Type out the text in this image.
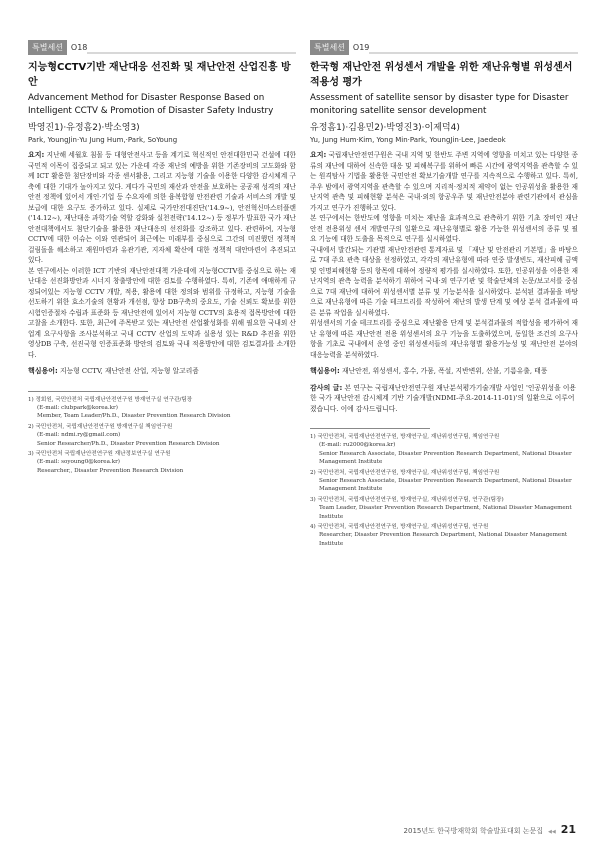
특별세션	O18
지능형CCTV기반 재난대응 선진화 및 재난안전 산업진흥 방안
Advancement Method for Disaster Response Based on Intelligent CCTV & Promotion of Disaster Safety Industry
박영진1)·유정흠2)·박소영3)
Park, YoungJin·Yu Jung Hum,·Park, SoYoung

요지: 지난해 세월호 침몰 등 대형안전사고 등을 계기로 혁신적인 안전대한민국 건설에 대한 국민적 이목이 집중되고 되고 있는 가운데 각종 재난의 예방을 위한 기존장비의 고도화와 함께 ICT 활용한 첨단장비와 각종 센서활용, 그리고 지능형 기술을 이용한 다양한 감시체계 구축에 대한 기대가 높아지고 있다. 게다가 국민의 재산과 안전을 보호하는 공공재 성격의 재난안전 정책에 있어서 개인·기업 등 수요자에 의한 융복합형 안전관련 기술과 서비스의 개발 및 보급에 대한 요구도 증가하고 있다. 실제로 국가안전대진단('14.9~), 안전혁신마스터플랜('14.12~), 재난대응 과학기술 역할 강화와 실천전략('14.12~) 등 정부가 발표한 국가 재난안전대책에서도 첨단기술을 활용한 재난대응의 선진화를 강조하고 있다. 관련하여, 지능형 CCTV에 대한 이슈는 이와 연관되어 최근에는 미래부를 중심으로 그간의 미진했던 정책적 걸림돌을 해소하고 재원마련과 유관기관, 지자체 확산에 대한 정책적 대안마련이 추진되고 있다.

본 연구에서는 이러한 ICT 기반의 재난안전대책 가운데에 지능형CCTV를 중심으로 하는 재난대응 선진화방안과 시너지 창출방안에 대한 검토를 수행하였다. 특히, 기존에 애매하게 규정되어있는 지능형 CCTV 개발, 적용, 활용에 대한 정의와 범위를 규정하고, 지능형 기술을 선도하기 위한 효소기술의 현황과 개선점, 향상 DB구축의 중요도, 기술 신뢰도 확보를 위한 시험인증절차 수립과 표준화 등 재난안전에 있어서 지능형 CCTV의 효용적 접목방안에 대한 고찰을 소개한다. 또한, 최근에 주목받고 있는 재난안전 산업활성화를 위해 필요한 국내외 산업계 요구사항을 조사분석하고 국내 CCTV 산업의 도약과 실용성 있는 R&D 추진을 위한 영상DB 구축, 선진국형 인증표준화 방안의 검토와 국내 적용방안에 대한 검토결과를 소개한다.

핵심용어: 지능형 CCTV, 재난안전 산업, 지능형 알고리즘
1) 정회원, 국민안전처 국립재난안전연구원 방재연구실 연구관/팀장
(E-mail: clubpark@korea.kr)
Member, Team Leader/Ph.D., Disaster Prevention Research Division
2) 국민안전처, 국립재난안전연구원 방재연구실 책임연구원
(E-mail: ndmi.ry@gmail.com)
Senior Researcher/Ph.D., Disaster Prevention Research Division
3) 국민안전처 국립재난안전연구원 재난정보연구실 연구원
(E-mail: soyoung0@korea.kr)
Researcher,, Disaster Prevention Research Division
특별세션	O19
한국형 재난안전 위성센서 개발을 위한 재난유형별 위성센서 적용성 평가
Assessment of satellite sensor by disaster type for Disaster monitoring satellite sensor development
유정흠1)·김용민2)·박영진3)·이제덕4)
Yu, Jung Hum·Kim, Yong Min·Park, YoungJin·Lee, Jaedeok

요지: 국립재난안전연구원은 국내 지역 및 한반도 주변 지역에 영향을 미치고 있는 다양한 종류의 재난에 대하여 신속한 대응 및 피해복구를 위하여 빠른 시간에 광역지역을 관측할 수 있는 원격탐사 기법을 활용한 국민안전 확보기술개발 연구를 지속적으로 수행하고 있다. 특히, 주우 밤에서 광역지역을 관측할 수 있으며 지리적·정치적 제약이 없는 인공위성을 활용한 재난지역 관측 및 피해현황 분석은 국내·외의 항공우주 및 재난안전분야 관련기관에서 관심을 가지고 연구가 진행하고 있다.

본 연구에서는 한반도에 영향을 미치는 재난을 효과적으로 관측하기 위한 기초 장비인 재난안전 전용위성 센서 개발연구의 일환으로 재난유형별로 활용 가능한 위성센서의 종류 및 필요 기능에 대한 도출을 목적으로 연구를 실시하였다.

국내에서 발간되는 기관별 재난안전관련 통계자료 및 「재난 및 안전관리 기본법」을 바탕으로 7대 주요 관측 대상을 선정하였고, 각각의 재난유형에 따라 연중 발생빈도, 재산피해 금액 및 인명피해현황 등의 항목에 대하여 정량적 평가를 실시하였다. 또한, 인공위성을 이용한 재난지역의 관측 능력을 분석하기 위하여 국내·외 연구기관 및 학술단체의 논문/보고서를 중심으로 7대 재난에 대하여 위성센서별 분류 및 기능분석을 실시하였다. 분석된 결과물을 바탕으로 재난유형에 따른 기술 테크트리를 작성하여 재난의 발생 단계 및 예상 분석 결과물에 따른 분류 작업을 실시하였다.

위성센서의 기술 테크트리를 중심으로 재난활용 단계 및 분석결과물의 적합성을 평가하여 재난 유형에 따른 재난안전 전용 위성센서의 요구 기능을 도출하였으며, 동일한 조건의 요구사항을 기초로 국내에서 운영 중인 위성센서들의 재난유형별 활용가능성 및 재난안전 분야의 대응능력을 분석하였다.

핵심용어: 재난안전, 위성센서, 홍수, 가뭄, 폭설, 지반변위, 산불, 기름유출, 태풍
감사의 글: 본 연구는 국립재난안전연구원 재난분석평가기술개발 사업인 '인공위성을 이용한 국가 재난안전 감시체계 기반 기술개발(NDMI-주요-2014-11-01)'의 일환으로 이루어졌습니다. 이에 감사드립니다.
1) 국민안전처, 국립재난안전연구원, 방재연구실, 재난위성연구팀, 책임연구원
(E-mail: ru2000@korea.kr)
Senior Research Associate, Disaster Prevention Research Department, National Disaster Management Institute
2) 국민안전처, 국립재난안전연구원, 방재연구실, 재난위성연구팀, 책임연구원
Senior Research Associate, Disaster Prevention Research Department, National Disaster Management Institute
3) 국민안전처, 국립재난안전연구원, 방재연구실, 재난위성연구팀, 연구관(팀장)
Team Leader, Disaster Prevention Research Department, National Disaster Management Institute
4) 국민안전처, 국립재난안전연구원, 방재연구실, 재난위성연구팀, 연구원
Researcher, Disaster Prevention Research Department, National Disaster Management Institute
2015년도 한국방재학회 학술발표대회 논문집 ◀◀ 21
